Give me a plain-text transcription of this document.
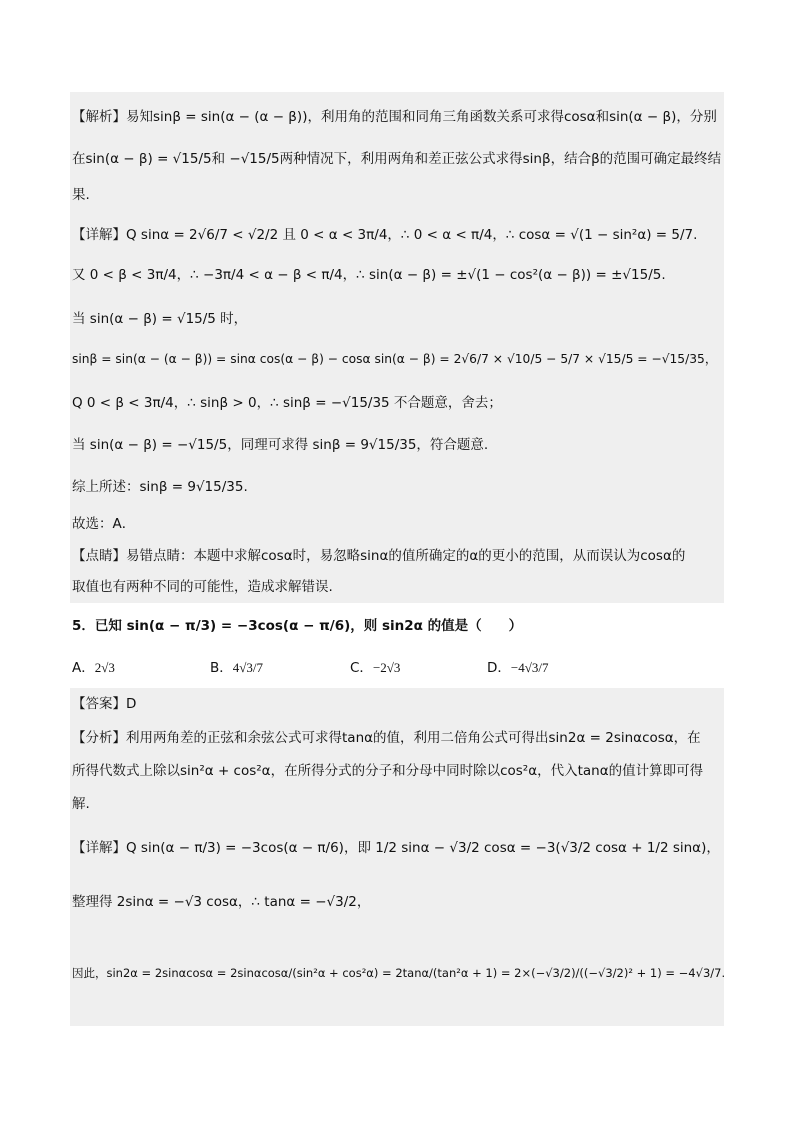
【解析】易知sinβ = sin(α − (α − β))，利用角的范围和同角三角函数关系可求得cosα和sin(α − β)，分别
在sin(α − β) = √15/5和 −√15/5两种情况下，利用两角和差正弦公式求得sinβ，结合β的范围可确定最终结
果.
【详解】Q sinα = 2√6/7 < √2/2 且 0 < α < 3π/4，∴ 0 < α < π/4，∴ cosα = √(1 − sin²α) = 5/7.
又 0 < β < 3π/4，∴ −3π/4 < α − β < π/4，∴ sin(α − β) = ±√(1 − cos²(α − β)) = ±√15/5.
当 sin(α − β) = √15/5 时，
sinβ = sin(α − (α − β)) = sinα cos(α − β) − cosα sin(α − β) = 2√6/7 × √10/5 − 5/7 × √15/5 = −√15/35，
Q 0 < β < 3π/4，∴ sinβ > 0，∴ sinβ = −√15/35 不合题意，舍去；
当 sin(α − β) = −√15/5，同理可求得 sinβ = 9√15/35，符合题意.
综上所述：sinβ = 9√15/35.
故选：A．
【点睛】易错点睛：本题中求解cosα时，易忽略sinα的值所确定的α的更小的范围，从而误认为cosα的
取值也有两种不同的可能性，造成求解错误.
5．已知 sin(α − π/3) = −3cos(α − π/6)，则 sin2α 的值是（　　）
A．2√3	B．4√3/7	C．−2√3	D．−4√3/7
【答案】D
【分析】利用两角差的正弦和余弦公式可求得tanα的值，利用二倍角公式可得出sin2α = 2sinαcosα，在
所得代数式上除以sin²α + cos²α，在所得分式的分子和分母中同时除以cos²α，代入tanα的值计算即可得
解.
【详解】Q sin(α − π/3) = −3cos(α − π/6)，即 1/2 sinα − √3/2 cosα = −3(√3/2 cosα + 1/2 sinα)，
整理得 2sinα = −√3 cosα，∴ tanα = −√3/2，
因此，sin2α = 2sinαcosα = 2sinαcosα/(sin²α + cos²α) = 2tanα/(tan²α + 1) = 2×(−√3/2)/((−√3/2)² + 1) = −4√3/7.
